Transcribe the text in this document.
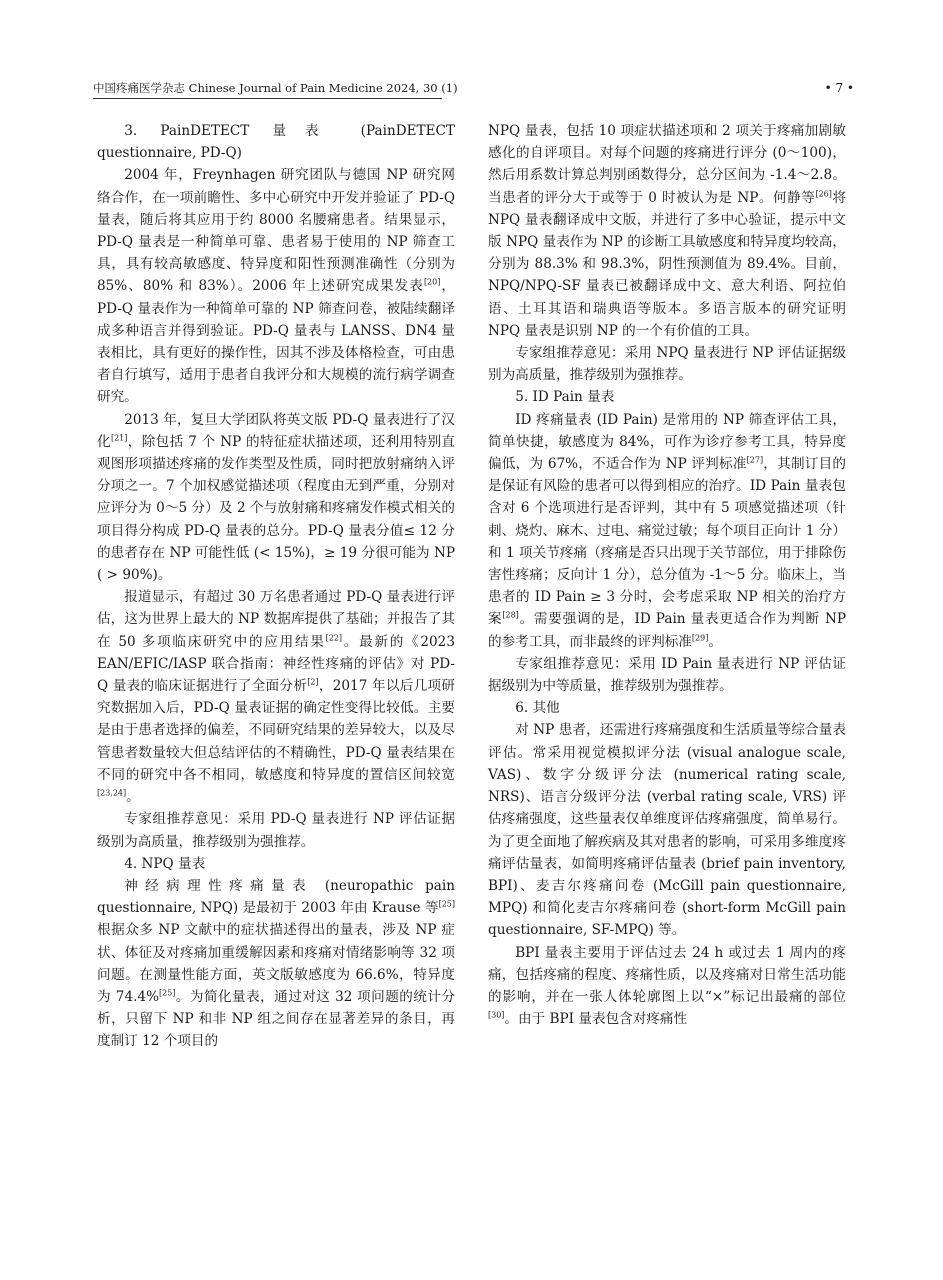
中国疼痛医学杂志 Chinese Journal of Pain Medicine 2024, 30 (1)	• 7 •

3. PainDETECT 量表 (PainDETECT questionnaire, PD-Q)

2004 年，Freynhagen 研究团队与德国 NP 研究网络合作，在一项前瞻性、多中心研究中开发并验证了 PD-Q 量表，随后将其应用于约 8000 名腰痛患者。结果显示，PD-Q 量表是一种简单可靠、患者易于使用的 NP 筛查工具，具有较高敏感度、特异度和阳性预测准确性（分别为 85%、80% 和 83%）。2006 年上述研究成果发表[20]，PD-Q 量表作为一种简单可靠的 NP 筛查问卷，被陆续翻译成多种语言并得到验证。PD-Q 量表与 LANSS、DN4 量表相比，具有更好的操作性，因其不涉及体格检查，可由患者自行填写，适用于患者自我评分和大规模的流行病学调查研究。

2013 年，复旦大学团队将英文版 PD-Q 量表进行了汉化[21]，除包括 7 个 NP 的特征症状描述项，还利用特别直观图形项描述疼痛的发作类型及性质，同时把放射痛纳入评分项之一。7 个加权感觉描述项（程度由无到严重，分别对应评分为 0～5 分）及 2 个与放射痛和疼痛发作模式相关的项目得分构成 PD-Q 量表的总分。PD-Q 量表分值≤ 12 分的患者存在 NP 可能性低 (< 15%)，≥ 19 分很可能为 NP ( > 90%)。

报道显示，有超过 30 万名患者通过 PD-Q 量表进行评估，这为世界上最大的 NP 数据库提供了基础；并报告了其在 50 多项临床研究中的应用结果[22]。最新的《2023 EAN/EFIC/IASP 联合指南：神经性疼痛的评估》对 PD-Q 量表的临床证据进行了全面分析[2]，2017 年以后几项研究数据加入后，PD-Q 量表证据的确定性变得比较低。主要是由于患者选择的偏差，不同研究结果的差异较大，以及尽管患者数量较大但总结评估的不精确性，PD-Q 量表结果在不同的研究中各不相同，敏感度和特异度的置信区间较宽[23,24]。

专家组推荐意见：采用 PD-Q 量表进行 NP 评估证据级别为高质量，推荐级别为强推荐。

4. NPQ 量表

神经病理性疼痛量表 (neuropathic pain questionnaire, NPQ) 是最初于 2003 年由 Krause 等[25]根据众多 NP 文献中的症状描述得出的量表，涉及 NP 症状、体征及对疼痛加重缓解因素和疼痛对情绪影响等 32 项问题。在测量性能方面，英文版敏感度为 66.6%，特异度为 74.4%[25]。为简化量表，通过对这 32 项问题的统计分析，只留下 NP 和非 NP 组之间存在显著差异的条目，再度制订 12 个项目的

NPQ 量表，包括 10 项症状描述项和 2 项关于疼痛加剧敏感化的自评项目。对每个问题的疼痛进行评分 (0～100)，然后用系数计算总判别函数得分，总分区间为 -1.4～2.8。当患者的评分大于或等于 0 时被认为是 NP。何静等[26]将 NPQ 量表翻译成中文版，并进行了多中心验证，提示中文版 NPQ 量表作为 NP 的诊断工具敏感度和特异度均较高，分别为 88.3% 和 98.3%，阴性预测值为 89.4%。目前，NPQ/NPQ-SF 量表已被翻译成中文、意大利语、阿拉伯语、土耳其语和瑞典语等版本。多语言版本的研究证明 NPQ 量表是识别 NP 的一个有价值的工具。

专家组推荐意见：采用 NPQ 量表进行 NP 评估证据级别为高质量，推荐级别为强推荐。

5. ID Pain 量表

ID 疼痛量表 (ID Pain) 是常用的 NP 筛查评估工具，简单快捷，敏感度为 84%，可作为诊疗参考工具，特异度偏低，为 67%，不适合作为 NP 评判标准[27]，其制订目的是保证有风险的患者可以得到相应的治疗。ID Pain 量表包含对 6 个选项进行是否评判，其中有 5 项感觉描述项（针刺、烧灼、麻木、过电、痛觉过敏；每个项目正向计 1 分）和 1 项关节疼痛（疼痛是否只出现于关节部位，用于排除伤害性疼痛；反向计 1 分），总分值为 -1～5 分。临床上，当患者的 ID Pain ≥ 3 分时，会考虑采取 NP 相关的治疗方案[28]。需要强调的是，ID Pain 量表更适合作为判断 NP 的参考工具，而非最终的评判标准[29]。

专家组推荐意见：采用 ID Pain 量表进行 NP 评估证据级别为中等质量，推荐级别为强推荐。

6. 其他

对 NP 患者，还需进行疼痛强度和生活质量等综合量表评估。常采用视觉模拟评分法 (visual analogue scale, VAS)、数字分级评分法 (numerical rating scale, NRS)、语言分级评分法 (verbal rating scale, VRS) 评估疼痛强度，这些量表仅单维度评估疼痛强度，简单易行。为了更全面地了解疾病及其对患者的影响，可采用多维度疼痛评估量表，如简明疼痛评估量表 (brief pain inventory, BPI)、麦吉尔疼痛问卷 (McGill pain questionnaire, MPQ) 和简化麦吉尔疼痛问卷 (short-form McGill pain questionnaire, SF-MPQ) 等。

BPI 量表主要用于评估过去 24 h 或过去 1 周内的疼痛，包括疼痛的程度、疼痛性质，以及疼痛对日常生活功能的影响，并在一张人体轮廓图上以“×”标记出最痛的部位[30]。由于 BPI 量表包含对疼痛性
